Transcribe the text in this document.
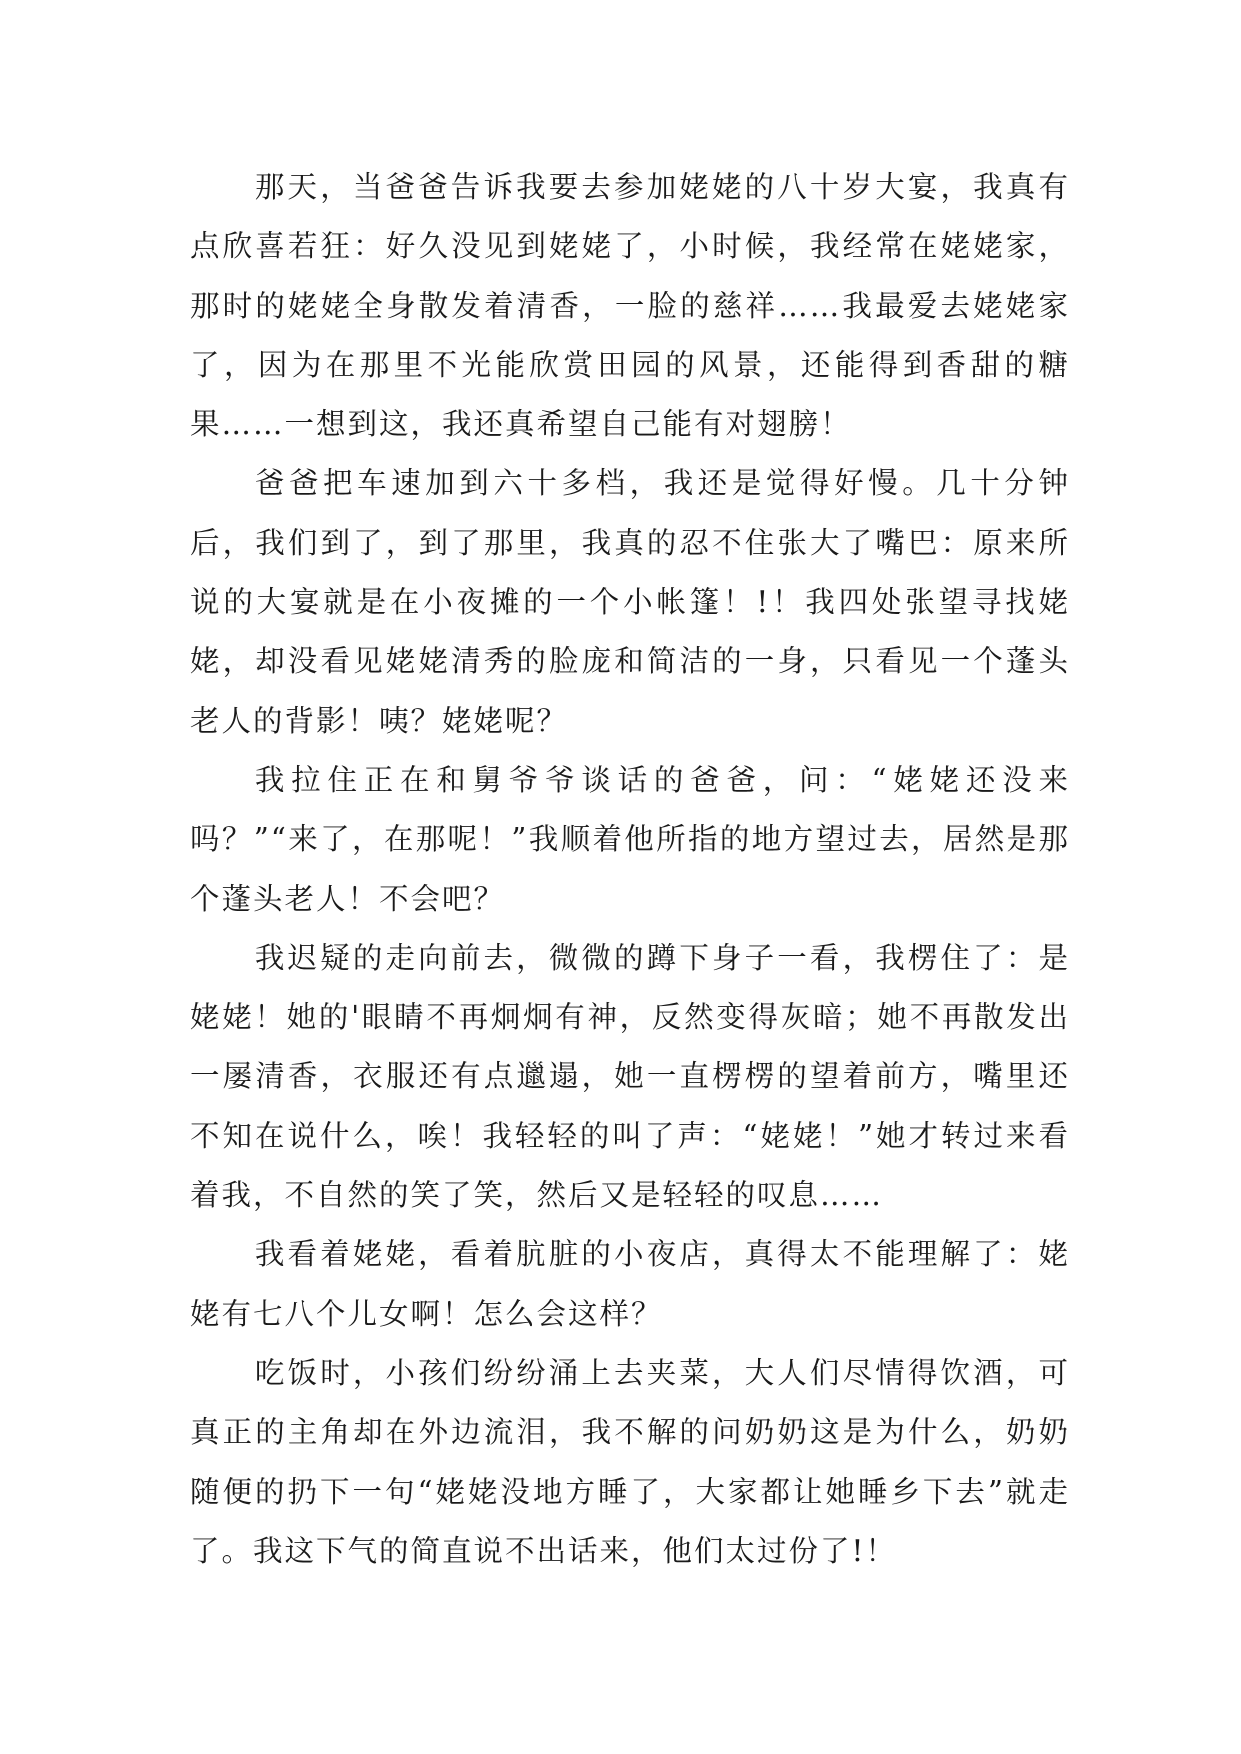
那天，当爸爸告诉我要去参加姥姥的八十岁大宴，我真有点欣喜若狂：好久没见到姥姥了，小时候，我经常在姥姥家，那时的姥姥全身散发着清香，一脸的慈祥……我最爱去姥姥家了，因为在那里不光能欣赏田园的风景，还能得到香甜的糖果……一想到这，我还真希望自己能有对翅膀！

爸爸把车速加到六十多档，我还是觉得好慢。几十分钟后，我们到了，到了那里，我真的忍不住张大了嘴巴：原来所说的大宴就是在小夜摊的一个小帐篷！!！我四处张望寻找姥姥，却没看见姥姥清秀的脸庞和简洁的一身，只看见一个蓬头老人的背影！咦？姥姥呢？

我拉住正在和舅爷爷谈话的爸爸，问：“姥姥还没来吗？”“来了，在那呢！”我顺着他所指的地方望过去，居然是那个蓬头老人！不会吧？

我迟疑的走向前去，微微的蹲下身子一看，我楞住了：是姥姥！她的'眼睛不再炯炯有神，反然变得灰暗；她不再散发出一屡清香，衣服还有点邋遢，她一直楞楞的望着前方，嘴里还不知在说什么，唉！我轻轻的叫了声：“姥姥！”她才转过来看着我，不自然的笑了笑，然后又是轻轻的叹息……

我看着姥姥，看着肮脏的小夜店，真得太不能理解了：姥姥有七八个儿女啊！怎么会这样？

吃饭时，小孩们纷纷涌上去夹菜，大人们尽情得饮酒，可真正的主角却在外边流泪，我不解的问奶奶这是为什么，奶奶随便的扔下一句“姥姥没地方睡了，大家都让她睡乡下去”就走了。我这下气的简直说不出话来，他们太过份了!！
